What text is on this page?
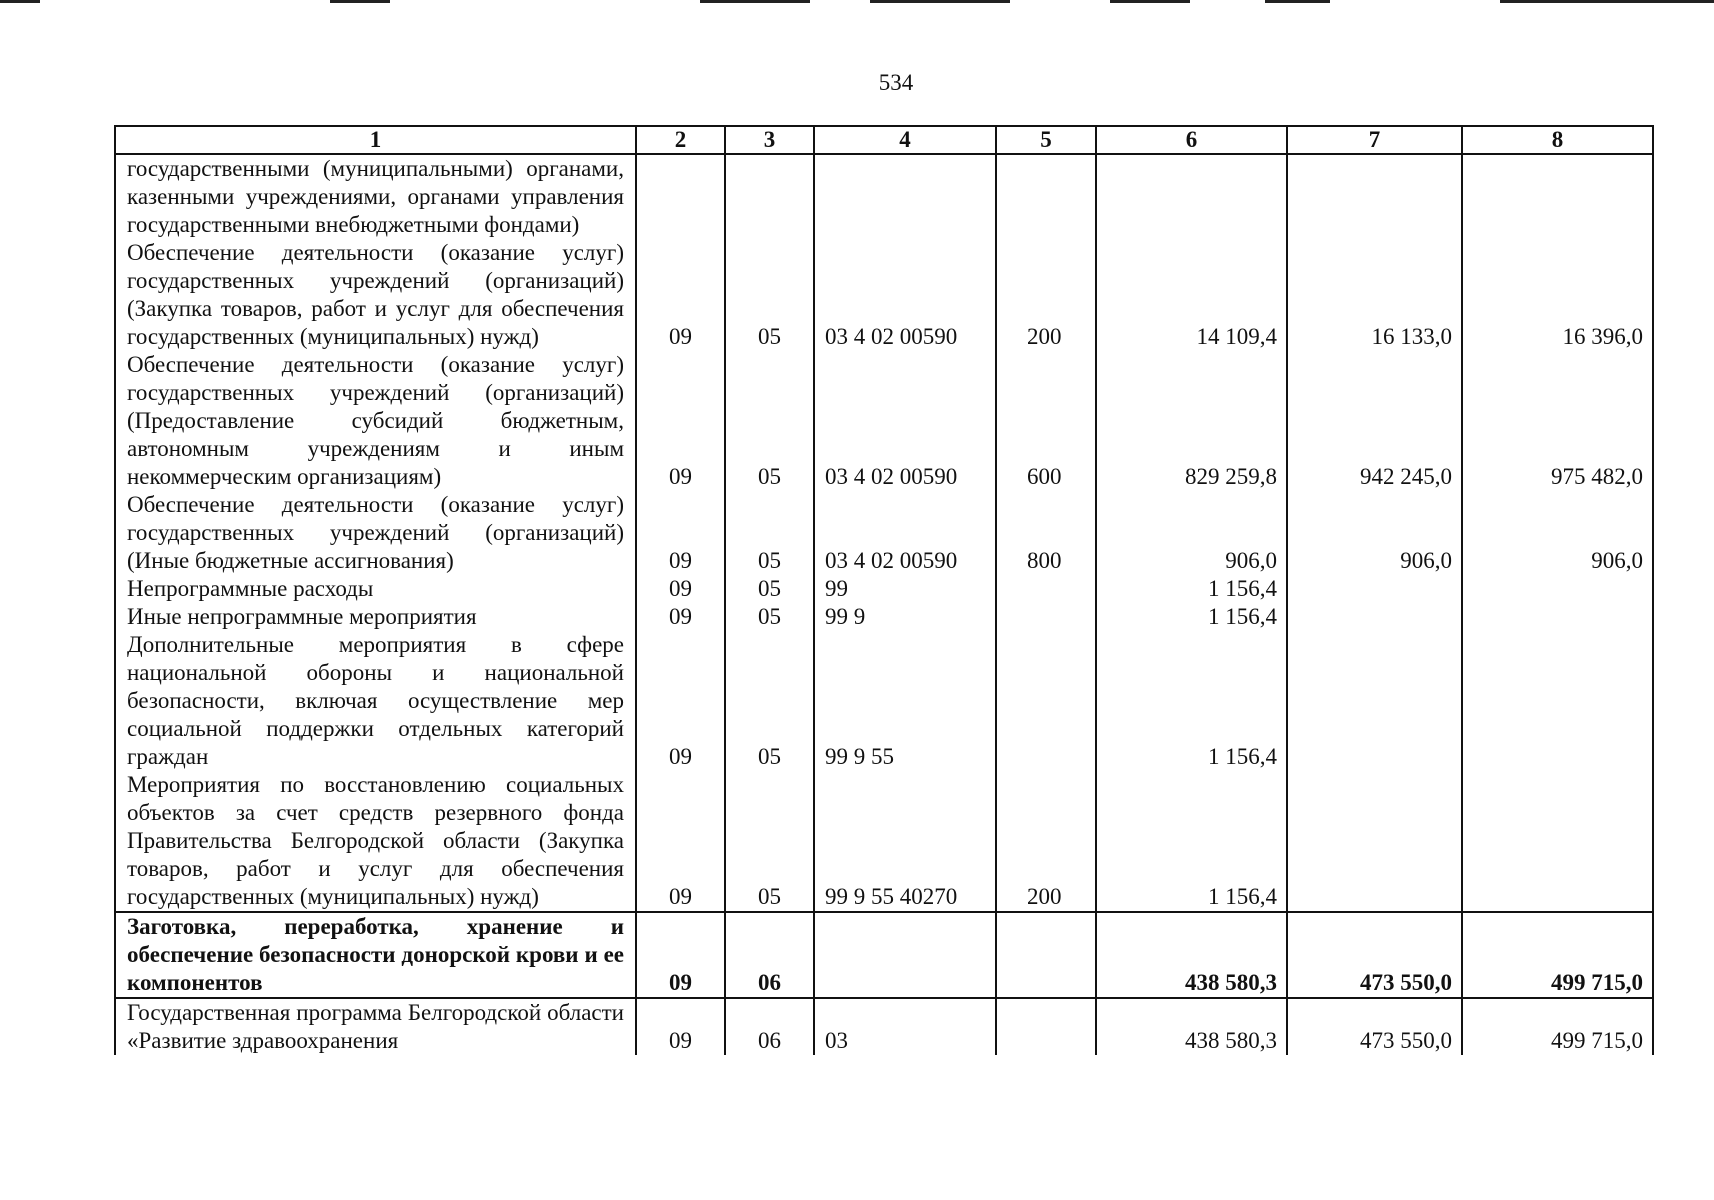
534
1	2	3	4	5	6	7	8
государственными (муниципальными) органами, казенными учреждениями, органами управления государственными внебюджетными фондами)							
Обеспечение деятельности (оказание услуг) государственных учреждений (организаций) (Закупка товаров, работ и услуг для обеспечения государственных (муниципальных) нужд)	09	05	03 4 02 00590	200	14 109,4	16 133,0	16 396,0
Обеспечение деятельности (оказание услуг) государственных учреждений (организаций) (Предоставление субсидий бюджетным, автономным учреждениям и иным некоммерческим организациям)	09	05	03 4 02 00590	600	829 259,8	942 245,0	975 482,0
Обеспечение деятельности (оказание услуг) государственных учреждений (организаций) (Иные бюджетные ассигнования)	09	05	03 4 02 00590	800	906,0	906,0	906,0
Непрограммные расходы	09	05	99		1 156,4		
Иные непрограммные мероприятия	09	05	99 9		1 156,4		
Дополнительные мероприятия в сфере национальной обороны и национальной безопасности, включая осуществление мер социальной поддержки отдельных категорий граждан	09	05	99 9 55		1 156,4		
Мероприятия по восстановлению социальных объектов за счет средств резервного фонда Правительства Белгородской области (Закупка товаров, работ и услуг для обеспечения государственных (муниципальных) нужд)	09	05	99 9 55 40270	200	1 156,4		
Заготовка, переработка, хранение и обеспечение безопасности донорской крови и ее компонентов	09	06			438 580,3	473 550,0	499 715,0
Государственная программа Белгородской области «Развитие здравоохранения	09	06	03		438 580,3	473 550,0	499 715,0
